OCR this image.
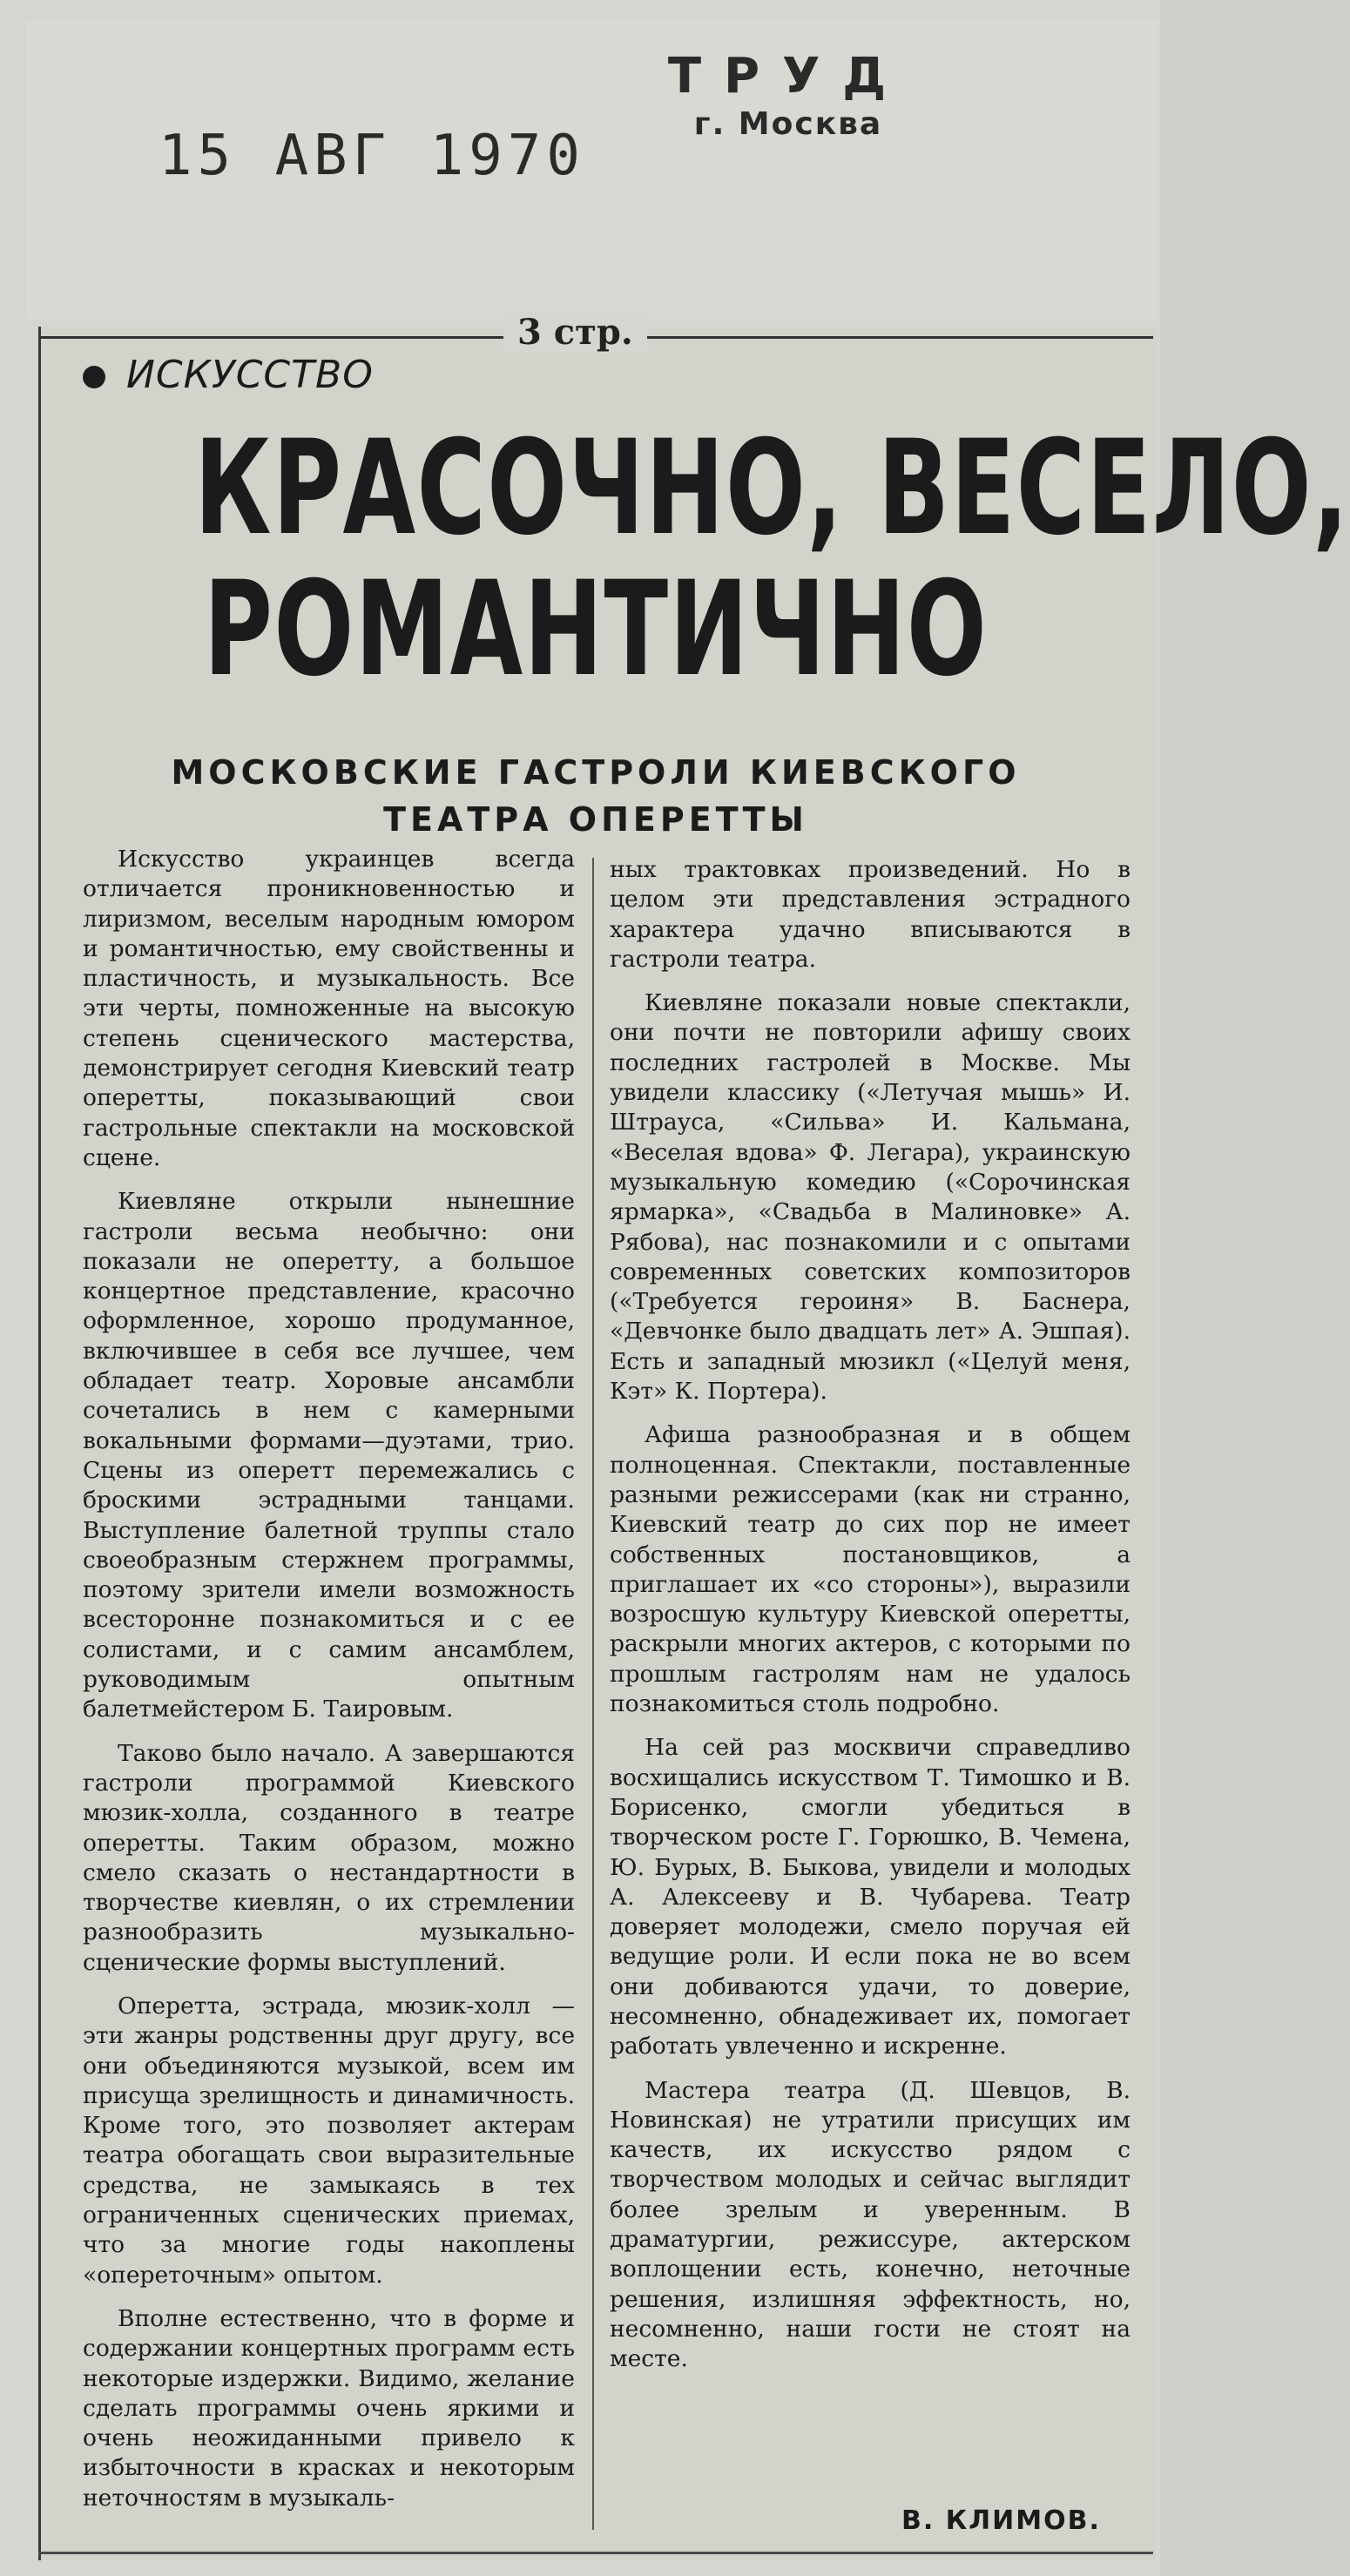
15 АВГ 1970
ТРУД
г. Москва
3 стр.
ИСКУССТВО
КРАСОЧНО, ВЕСЕЛО,
РОМАНТИЧНО
МОСКОВСКИЕ ГАСТРОЛИ КИЕВСКОГО
ТЕАТРА ОПЕРЕТТЫ

Искусство украинцев всегда отличается проникновенностью и лиризмом, веселым народным юмором и романтичностью, ему свойственны и пластичность, и музыкальность. Все эти черты, помноженные на высокую степень сценического мастерства, демонстрирует сегодня Киевский театр оперетты, показывающий свои гастрольные спектакли на московской сцене.

Киевляне открыли нынешние гастроли весьма необычно: они показали не оперетту, а большое концертное представление, красочно оформленное, хорошо продуманное, включившее в себя все лучшее, чем обладает театр. Хоровые ансамбли сочетались в нем с камерными вокальными формами—дуэтами, трио. Сцены из оперетт перемежались с броскими эстрадными танцами. Выступление балетной труппы стало своеобразным стержнем программы, поэтому зрители имели возможность всесторонне познакомиться и с ее солистами, и с самим ансамблем, руководимым опытным балетмейстером Б. Таировым.

Таково было начало. А завершаются гастроли программой Киевского мюзик-холла, созданного в театре оперетты. Таким образом, можно смело сказать о нестандартности в творчестве киевлян, о их стремлении разнообразить музыкально-сценические формы выступлений.

Оперетта, эстрада, мюзик-холл — эти жанры родственны друг другу, все они объединяются музыкой, всем им присуща зрелищность и динамичность. Кроме того, это позволяет актерам театра обогащать свои выразительные средства, не замыкаясь в тех ограниченных сценических приемах, что за многие годы накоплены «опереточным» опытом.

Вполне естественно, что в форме и содержании концертных программ есть некоторые издержки. Видимо, желание сделать программы очень яркими и очень неожиданными привело к избыточности в красках и некоторым неточностям в музыкаль-

ных трактовках произведений. Но в целом эти представления эстрадного характера удачно вписываются в гастроли театра.

Киевляне показали новые спектакли, они почти не повторили афишу своих последних гастролей в Москве. Мы увидели классику («Летучая мышь» И. Штрауса, «Сильва» И. Кальмана, «Веселая вдова» Ф. Легара), украинскую музыкальную комедию («Сорочинская ярмарка», «Свадьба в Малиновке» А. Рябова), нас познакомили и с опытами современных советских композиторов («Требуется героиня» В. Баснера, «Девчонке было двадцать лет» А. Эшпая). Есть и западный мюзикл («Целуй меня, Кэт» К. Портера).

Афиша разнообразная и в общем полноценная. Спектакли, поставленные разными режиссерами (как ни странно, Киевский театр до сих пор не имеет собственных постановщиков, а приглашает их «со стороны»), выразили возросшую культуру Киевской оперетты, раскрыли многих актеров, с которыми по прошлым гастролям нам не удалось познакомиться столь подробно.

На сей раз москвичи справедливо восхищались искусством Т. Тимошко и В. Борисенко, смогли убедиться в творческом росте Г. Горюшко, В. Чемена, Ю. Бурых, В. Быкова, увидели и молодых А. Алексееву и В. Чубарева. Театр доверяет молодежи, смело поручая ей ведущие роли. И если пока не во всем они добиваются удачи, то доверие, несомненно, обнадеживает их, помогает работать увлеченно и искренне.

Мастера театра (Д. Шевцов, В. Новинская) не утратили присущих им качеств, их искусство рядом с творчеством молодых и сейчас выглядит более зрелым и уверенным. В драматургии, режиссуре, актерском воплощении есть, конечно, неточные решения, излишняя эффектность, но, несомненно, наши гости не стоят на месте.

В. КЛИМОВ.
